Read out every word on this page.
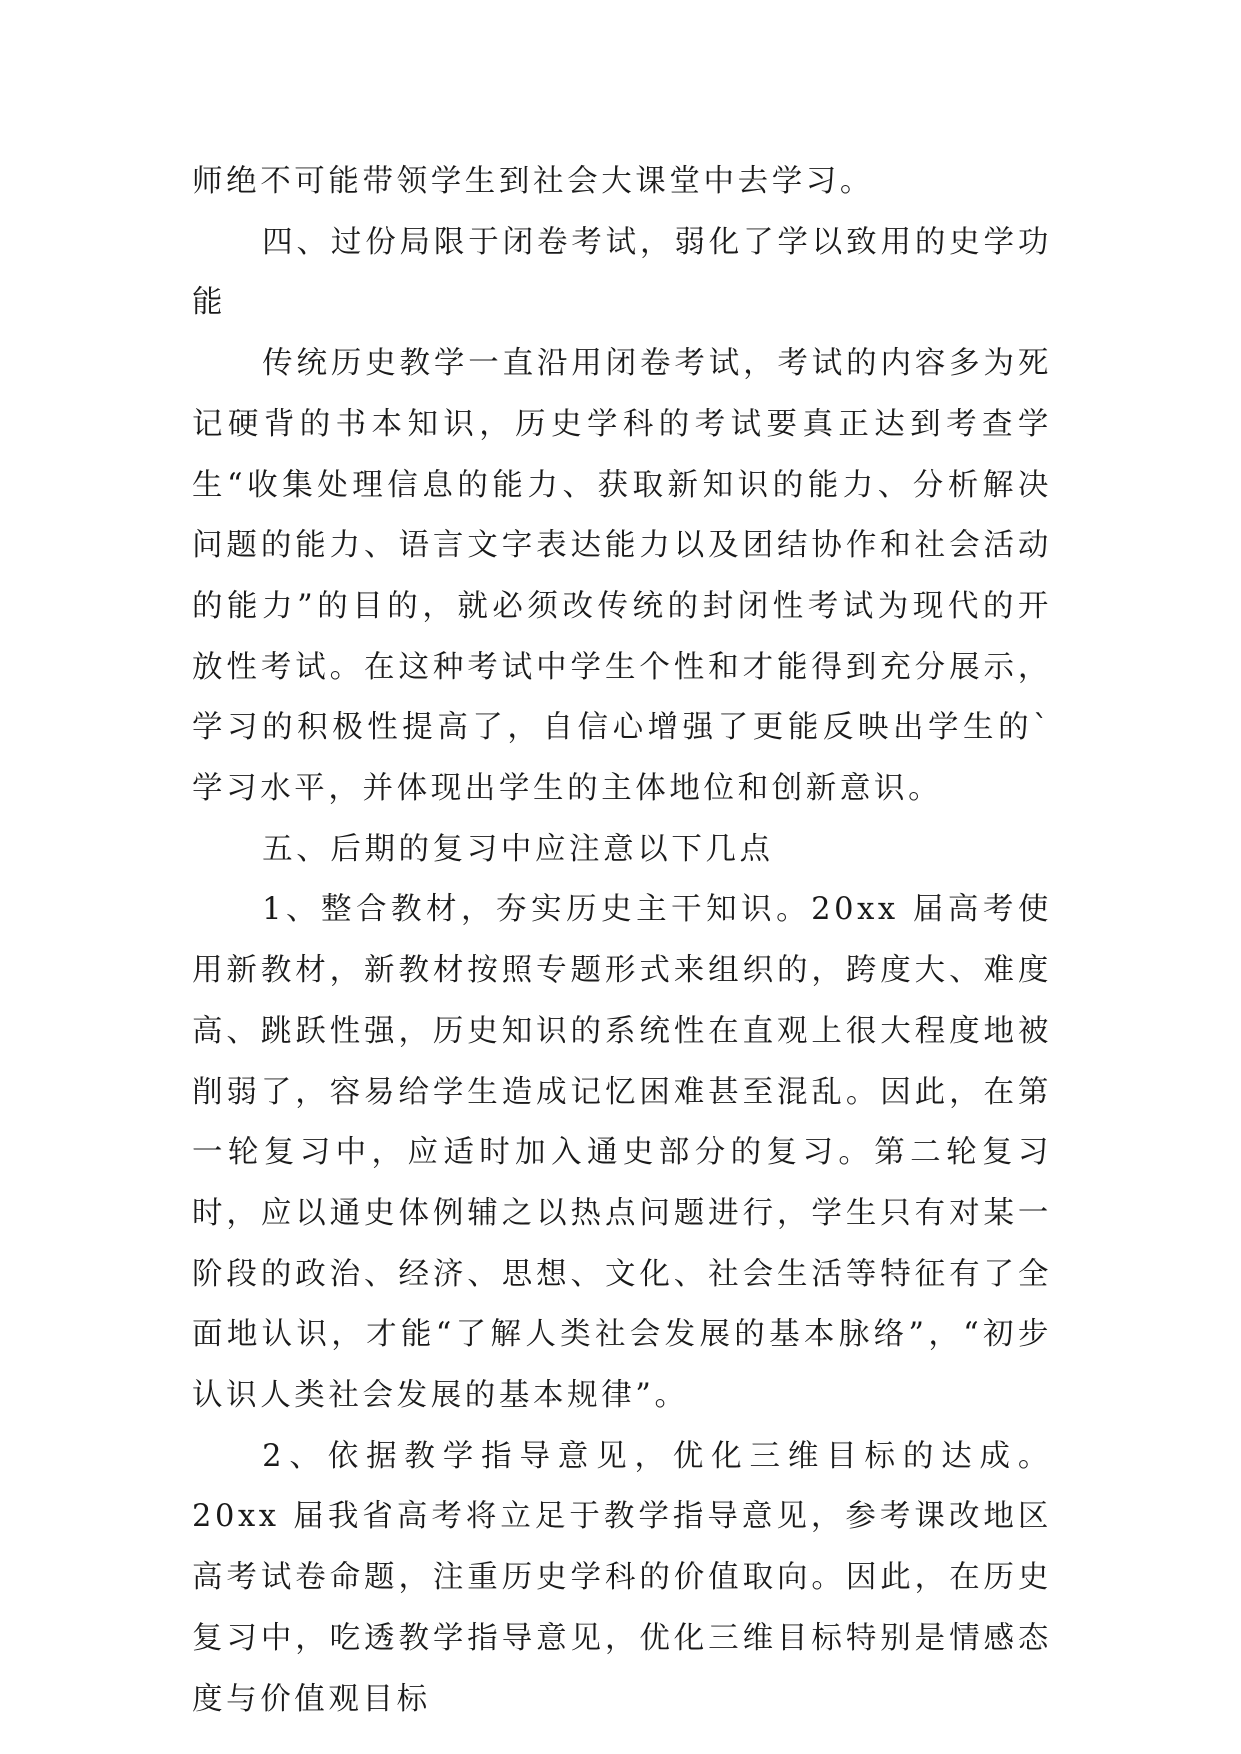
师绝不可能带领学生到社会大课堂中去学习。

四、过份局限于闭卷考试，弱化了学以致用的史学功能

传统历史教学一直沿用闭卷考试，考试的内容多为死记硬背的书本知识，历史学科的考试要真正达到考查学生“收集处理信息的能力、获取新知识的能力、分析解决问题的能力、语言文字表达能力以及团结协作和社会活动的能力”的目的，就必须改传统的封闭性考试为现代的开放性考试。在这种考试中学生个性和才能得到充分展示，学习的积极性提高了，自信心增强了更能反映出学生的`学习水平，并体现出学生的主体地位和创新意识。

五、后期的复习中应注意以下几点

1、整合教材，夯实历史主干知识。20xx 届高考使用新教材，新教材按照专题形式来组织的，跨度大、难度高、跳跃性强，历史知识的系统性在直观上很大程度地被削弱了，容易给学生造成记忆困难甚至混乱。因此，在第一轮复习中，应适时加入通史部分的复习。第二轮复习时，应以通史体例辅之以热点问题进行，学生只有对某一阶段的政治、经济、思想、文化、社会生活等特征有了全面地认识，才能“了解人类社会发展的基本脉络”，“初步认识人类社会发展的基本规律”。

2、依据教学指导意见，优化三维目标的达成。20xx 届我省高考将立足于教学指导意见，参考课改地区高考试卷命题，注重历史学科的价值取向。因此，在历史复习中，吃透教学指导意见，优化三维目标特别是情感态度与价值观目标
